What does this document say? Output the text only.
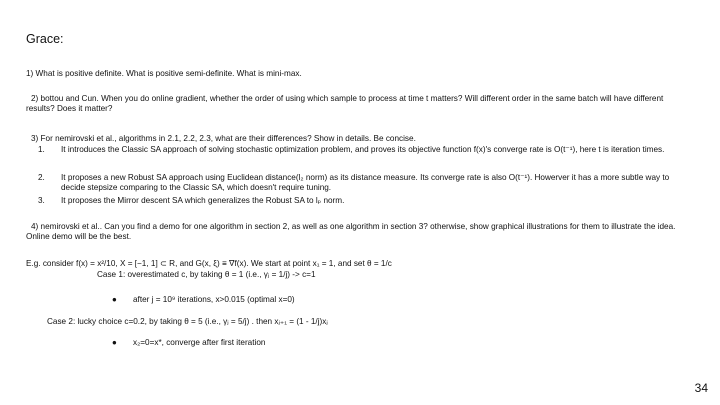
Grace:
1) What is positive definite. What is positive semi-definite. What is mini-max.
2) bottou and Cun. When you do online gradient, whether the order of using which sample to process at time t matters? Will different order in the same batch will have different results? Does it matter?
3) For nemirovski et al., algorithms in 2.1, 2.2, 2.3, what are their differences? Show in details. Be concise.
1. It introduces the Classic SA approach of solving stochastic optimization problem, and proves its objective function f(x)'s converge rate is O(t⁻¹), here t is iteration times.
2. It proposes a new Robust SA approach using Euclidean distance(l₂ norm) as its distance measure. Its converge rate is also O(t⁻¹). Howerver it has a more subtle way to decide stepsize comparing to the Classic SA, which doesn't require tuning.
3. It proposes the Mirror descent SA which generalizes the Robust SA to lₚ norm.
4) nemirovski et al.. Can you find a demo for one algorithm in section 2, as well as one algorithm in section 3? otherwise, show graphical illustrations for them to illustrate the idea. Online demo will be the best.
E.g. consider f(x) = x²/10, X = [−1, 1] ⊂ R, and G(x, ξ) ≡ ∇f(x). We start at point x₁ = 1, and set θ = 1/c
Case 1: overestimated c, by taking θ = 1 (i.e., γⱼ = 1/j) -> c=1
● after j = 10⁹ iterations, x>0.015 (optimal x=0)
Case 2: lucky choice c=0.2, by taking θ = 5 (i.e., γⱼ = 5/j) . then xⱼ₊₁ = (1 - 1/j)xⱼ
● x₂=0=x*, converge after first iteration
34
